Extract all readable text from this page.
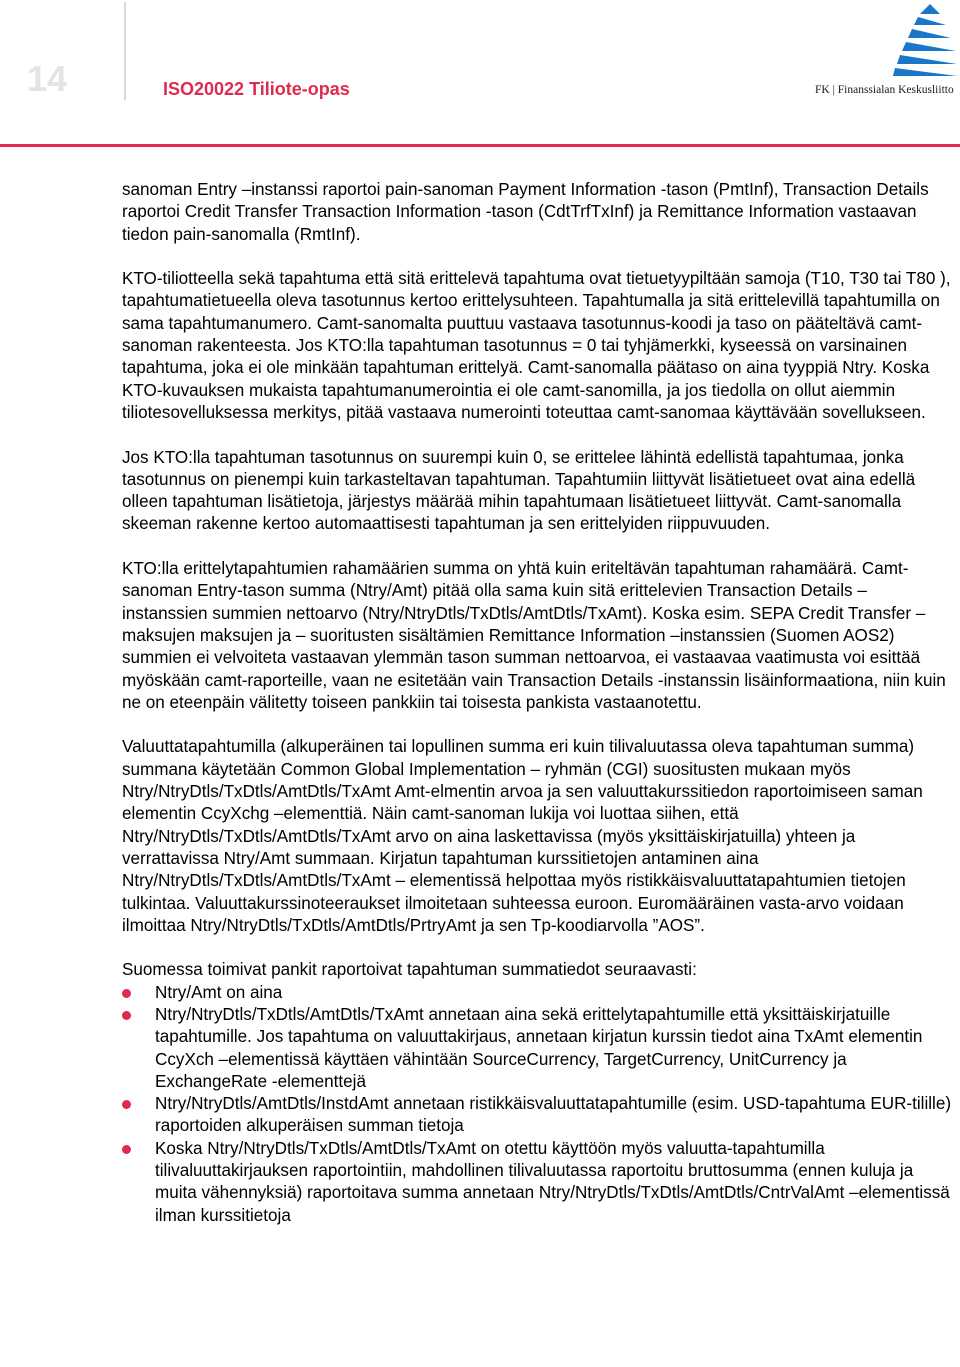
14	ISO20022 Tiliote-opas	FK | Finanssialan Keskusliitto

sanoman Entry –instanssi raportoi pain-sanoman Payment Information -tason (PmtInf), Transaction Details raportoi Credit Transfer Transaction Information -tason (CdtTrfTxInf) ja Remittance Information vastaavan tiedon pain-sanomalla (RmtInf).

KTO-tiliotteella sekä tapahtuma että sitä erittelevä tapahtuma ovat tietuetyypiltään samoja (T10, T30 tai T80 ), tapahtumatietueella oleva tasotunnus kertoo erittelysuhteen. Tapahtumalla ja sitä erittelevillä tapahtumilla on sama tapahtumanumero. Camt-sanomalta puuttuu vastaava tasotunnus-koodi ja taso on pääteltävä camt-sanoman rakenteesta. Jos KTO:lla tapahtuman tasotunnus = 0 tai tyhjämerkki, kyseessä on varsinainen tapahtuma, joka ei ole minkään tapahtuman erittelyä. Camt-sanomalla päätaso on aina tyyppiä Ntry. Koska KTO-kuvauksen mukaista tapahtumanumerointia ei ole camt-sanomilla, ja jos tiedolla on ollut aiemmin tiliotesovelluksessa merkitys, pitää vastaava numerointi toteuttaa camt-sanomaa käyttävään sovellukseen.

Jos KTO:lla tapahtuman tasotunnus on suurempi kuin 0, se erittelee lähintä edellistä tapahtumaa, jonka tasotunnus on pienempi kuin tarkasteltavan tapahtuman. Tapahtumiin liittyvät lisätietueet ovat aina edellä olleen tapahtuman lisätietoja, järjestys määrää mihin tapahtumaan lisätietueet liittyvät. Camt-sanomalla skeeman rakenne kertoo automaattisesti tapahtuman ja sen erittelyiden riippuvuuden.

KTO:lla erittelytapahtumien rahamäärien summa on yhtä kuin eriteltävän tapahtuman rahamäärä. Camt-sanoman Entry-tason summa (Ntry/Amt) pitää olla sama kuin sitä erittelevien Transaction Details –instanssien summien nettoarvo (Ntry/NtryDtls/TxDtls/AmtDtls/TxAmt). Koska esim. SEPA Credit Transfer – maksujen maksujen ja – suoritusten sisältämien Remittance Information –instanssien (Suomen AOS2) summien ei velvoiteta vastaavan ylemmän tason summan nettoarvoa, ei vastaavaa vaatimusta voi esittää myöskään camt-raporteille, vaan ne esitetään vain Transaction Details -instanssin lisäinformaationa, niin kuin ne on eteenpäin välitetty toiseen pankkiin tai toisesta pankista vastaanotettu.

Valuuttatapahtumilla (alkuperäinen tai lopullinen summa eri kuin tilivaluutassa oleva tapahtuman summa) summana käytetään Common Global Implementation – ryhmän (CGI) suositusten mukaan myös Ntry/NtryDtls/TxDtls/AmtDtls/TxAmt Amt-elmentin arvoa ja sen valuuttakurssitiedon raportoimiseen saman elementin CcyXchg –elementtiä. Näin camt-sanoman lukija voi luottaa siihen, että Ntry/NtryDtls/TxDtls/AmtDtls/TxAmt arvo on aina laskettavissa (myös yksittäiskirjatuilla) yhteen ja verrattavissa Ntry/Amt summaan. Kirjatun tapahtuman kurssitietojen antaminen aina Ntry/NtryDtls/TxDtls/AmtDtls/TxAmt – elementissä helpottaa myös ristikkäisvaluuttatapahtumien tietojen tulkintaa. Valuuttakurssinoteeraukset ilmoitetaan suhteessa euroon. Euromääräinen vasta-arvo voidaan ilmoittaa Ntry/NtryDtls/TxDtls/AmtDtls/PrtryAmt ja sen Tp-koodiarvolla ”AOS”.

Suomessa toimivat pankit raportoivat tapahtuman summatiedot seuraavasti:
Ntry/Amt on aina
Ntry/NtryDtls/TxDtls/AmtDtls/TxAmt annetaan aina sekä erittelytapahtumille että yksittäiskirjatuille tapahtumille. Jos tapahtuma on valuuttakirjaus, annetaan kirjatun kurssin tiedot aina TxAmt elementin CcyXch –elementissä käyttäen vähintään SourceCurrency, TargetCurrency, UnitCurrency ja ExchangeRate -elementtejä
Ntry/NtryDtls/AmtDtls/InstdAmt annetaan ristikkäisvaluuttatapahtumille (esim. USD-tapahtuma EUR-tilille) raportoiden alkuperäisen summan tietoja
Koska Ntry/NtryDtls/TxDtls/AmtDtls/TxAmt on otettu käyttöön myös valuutta-tapahtumilla tilivaluuttakirjauksen raportointiin, mahdollinen tilivaluutassa raportoitu bruttosumma (ennen kuluja ja muita vähennyksiä) raportoitava summa annetaan Ntry/NtryDtls/TxDtls/AmtDtls/CntrValAmt –elementissä ilman kurssitietoja
